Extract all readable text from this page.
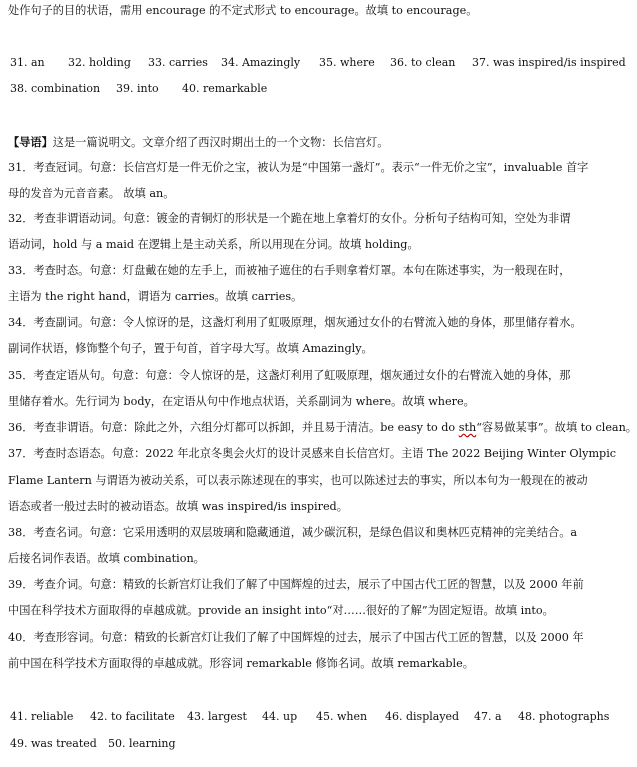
处作句子的目的状语，需用 encourage 的不定式形式 to encourage。故填 to encourage。
31. an 32. holding 33. carries 34. Amazingly 35. where 36. to clean 37. was inspired/is inspired
38. combination 39. into 40. remarkable
【导语】这是一篇说明文。文章介绍了西汉时期出土的一个文物：长信宫灯。
31．考查冠词。句意：长信宫灯是一件无价之宝，被认为是“中国第一盏灯”。表示“一件无价之宝”，invaluable 首字
母的发音为元音音素。 故填 an。
32．考查非谓语动词。句意：镀金的青铜灯的形状是一个跪在地上拿着灯的女仆。分析句子结构可知，空处为非谓
语动词，hold 与 a maid 在逻辑上是主动关系，所以用现在分词。故填 holding。
33．考查时态。句意：灯盘戴在她的左手上，而被袖子遮住的右手则拿着灯罩。本句在陈述事实，为一般现在时，
主语为 the right hand，谓语为 carries。故填 carries。
34．考查副词。句意：令人惊讶的是，这盏灯利用了虹吸原理，烟灰通过女仆的右臂流入她的身体，那里储存着水。
副词作状语，修饰整个句子，置于句首，首字母大写。故填 Amazingly。
35．考查定语从句。句意：句意：令人惊讶的是，这盏灯利用了虹吸原理，烟灰通过女仆的右臂流入她的身体，那
里储存着水。先行词为 body，在定语从句中作地点状语，关系副词为 where。故填 where。
36．考查非谓语。句意：除此之外，六组分灯都可以拆卸，并且易于清洁。be easy to do sth“容易做某事”。故填 to clean。
37．考查时态语态。句意：2022 年北京冬奥会火灯的设计灵感来自长信宫灯。主语 The 2022 Beijing Winter Olympic
Flame Lantern 与谓语为被动关系，可以表示陈述现在的事实，也可以陈述过去的事实，所以本句为一般现在的被动
语态或者一般过去时的被动语态。故填 was inspired/is inspired。
38．考查名词。句意：它采用透明的双层玻璃和隐藏通道，减少碳沉积，是绿色倡议和奥林匹克精神的完美结合。a
后接名词作表语。故填 combination。
39．考查介词。句意：精致的长新宫灯让我们了解了中国辉煌的过去，展示了中国古代工匠的智慧，以及 2000 年前
中国在科学技术方面取得的卓越成就。provide an insight into“对……很好的了解”为固定短语。故填 into。
40．考查形容词。句意：精致的长新宫灯让我们了解了中国辉煌的过去，展示了中国古代工匠的智慧，以及 2000 年
前中国在科学技术方面取得的卓越成就。形容词 remarkable 修饰名词。故填 remarkable。
41. reliable 42. to facilitate 43. largest 44. up 45. when 46. displayed 47. a 48. photographs
49. was treated 50. learning
